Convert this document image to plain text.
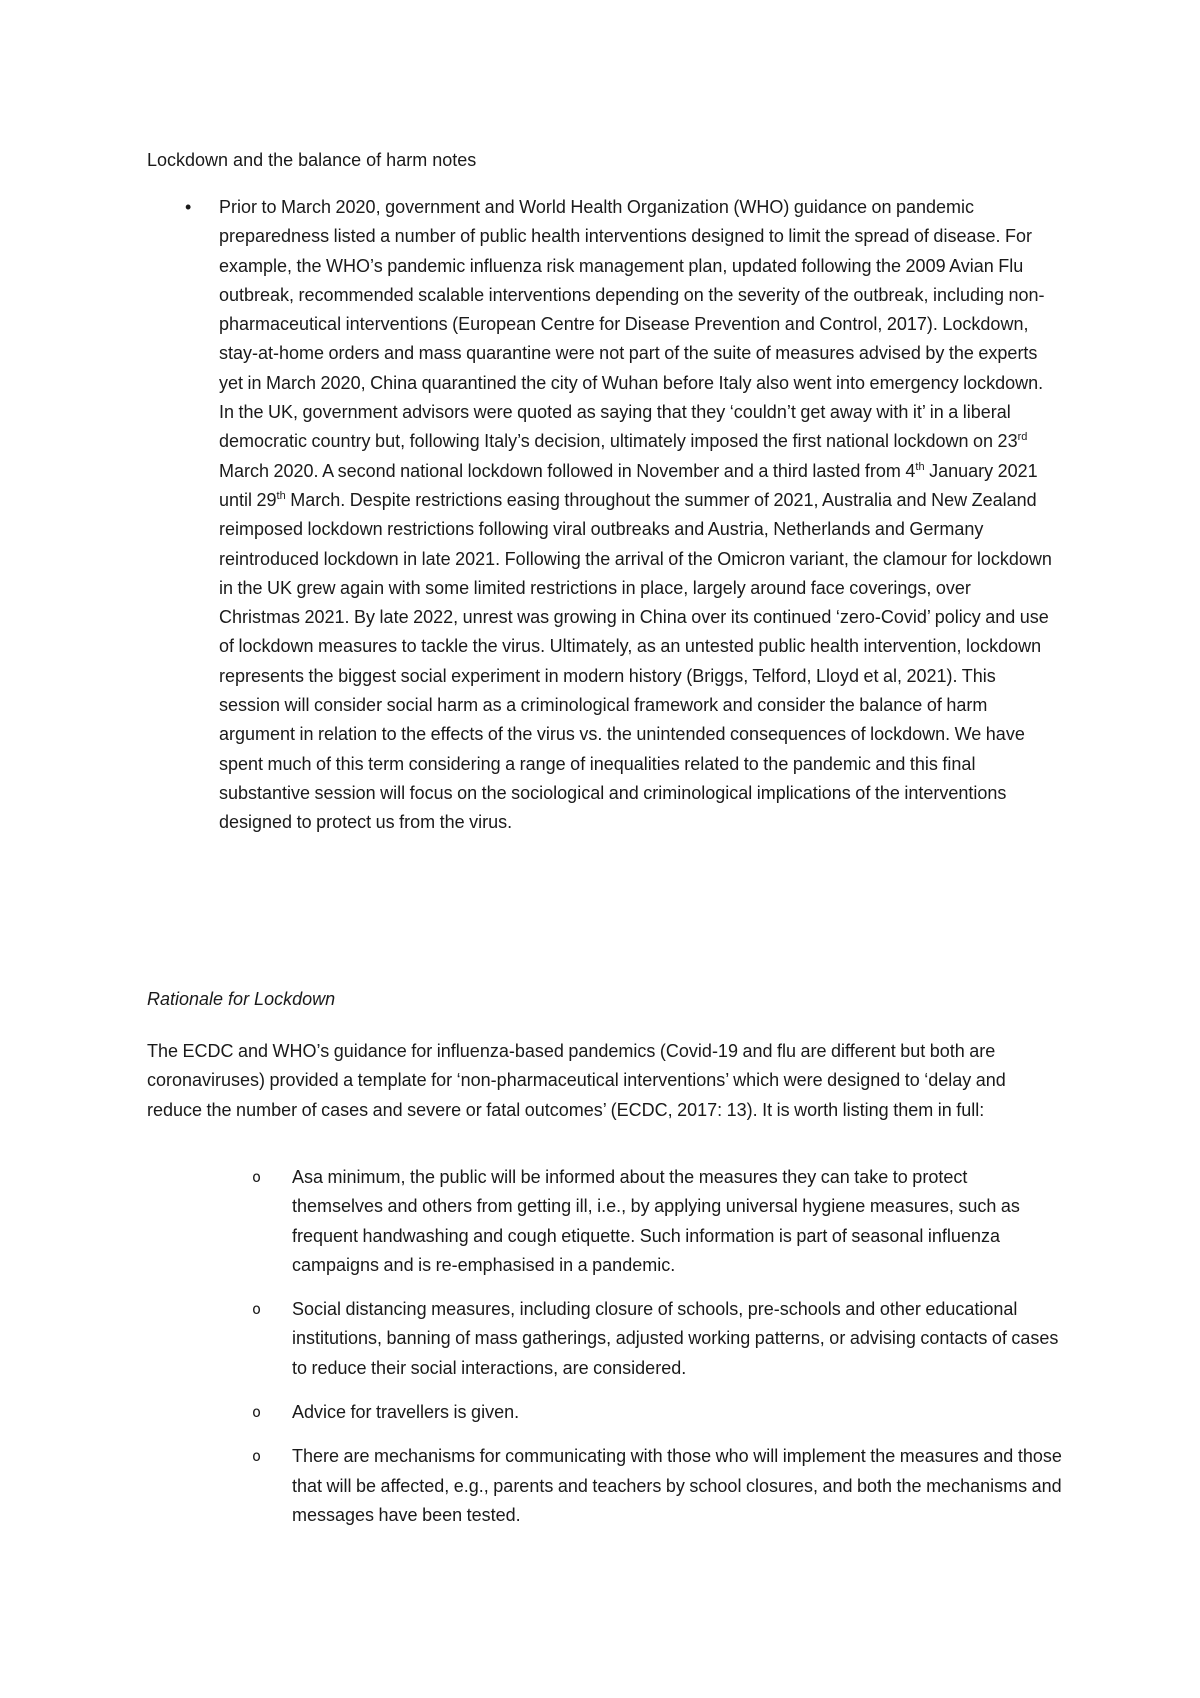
Lockdown and the balance of harm notes
• Prior to March 2020, government and World Health Organization (WHO) guidance on pandemic preparedness listed a number of public health interventions designed to limit the spread of disease. For example, the WHO’s pandemic influenza risk management plan, updated following the 2009 Avian Flu outbreak, recommended scalable interventions depending on the severity of the outbreak, including non-pharmaceutical interventions (European Centre for Disease Prevention and Control, 2017). Lockdown, stay-at-home orders and mass quarantine were not part of the suite of measures advised by the experts yet in March 2020, China quarantined the city of Wuhan before Italy also went into emergency lockdown. In the UK, government advisors were quoted as saying that they ‘couldn’t get away with it’ in a liberal democratic country but, following Italy’s decision, ultimately imposed the first national lockdown on 23rd March 2020. A second national lockdown followed in November and a third lasted from 4th January 2021 until 29th March. Despite restrictions easing throughout the summer of 2021, Australia and New Zealand reimposed lockdown restrictions following viral outbreaks and Austria, Netherlands and Germany reintroduced lockdown in late 2021. Following the arrival of the Omicron variant, the clamour for lockdown in the UK grew again with some limited restrictions in place, largely around face coverings, over Christmas 2021. By late 2022, unrest was growing in China over its continued ‘zero-Covid’ policy and use of lockdown measures to tackle the virus. Ultimately, as an untested public health intervention, lockdown represents the biggest social experiment in modern history (Briggs, Telford, Lloyd et al, 2021). This session will consider social harm as a criminological framework and consider the balance of harm argument in relation to the effects of the virus vs. the unintended consequences of lockdown. We have spent much of this term considering a range of inequalities related to the pandemic and this final substantive session will focus on the sociological and criminological implications of the interventions designed to protect us from the virus.

Rationale for Lockdown

The ECDC and WHO’s guidance for influenza-based pandemics (Covid-19 and flu are different but both are coronaviruses) provided a template for ‘non-pharmaceutical interventions’ which were designed to ‘delay and reduce the number of cases and severe or fatal outcomes’ (ECDC, 2017: 13). It is worth listing them in full:

o Asa minimum, the public will be informed about the measures they can take to protect themselves and others from getting ill, i.e., by applying universal hygiene measures, such as frequent handwashing and cough etiquette. Such information is part of seasonal influenza campaigns and is re-emphasised in a pandemic.
o Social distancing measures, including closure of schools, pre-schools and other educational institutions, banning of mass gatherings, adjusted working patterns, or advising contacts of cases to reduce their social interactions, are considered.
o Advice for travellers is given.
o There are mechanisms for communicating with those who will implement the measures and those that will be affected, e.g., parents and teachers by school closures, and both the mechanisms and messages have been tested.
